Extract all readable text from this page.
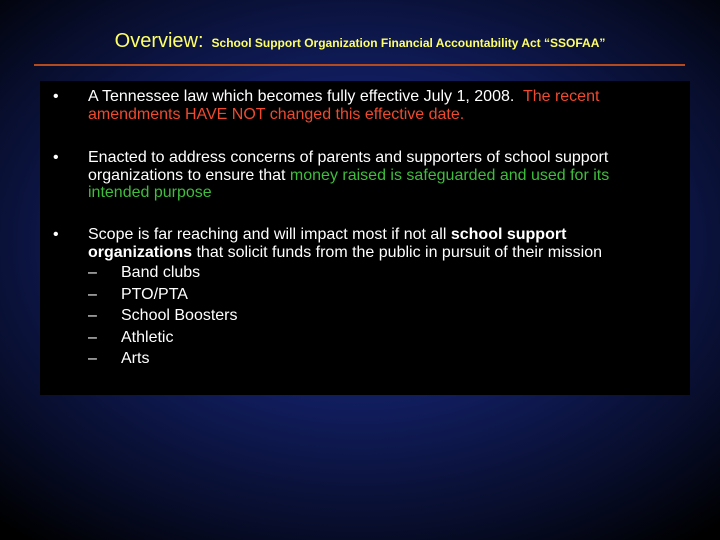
Overview: School Support Organization Financial Accountability Act “SSOFAA”
• A Tennessee law which becomes fully effective July 1, 2008. The recent amendments HAVE NOT changed this effective date.
• Enacted to address concerns of parents and supporters of school support organizations to ensure that money raised is safeguarded and used for its intended purpose
• Scope is far reaching and will impact most if not all school support organizations that solicit funds from the public in pursuit of their mission
– Band clubs
– PTO/PTA
– School Boosters
– Athletic
– Arts
